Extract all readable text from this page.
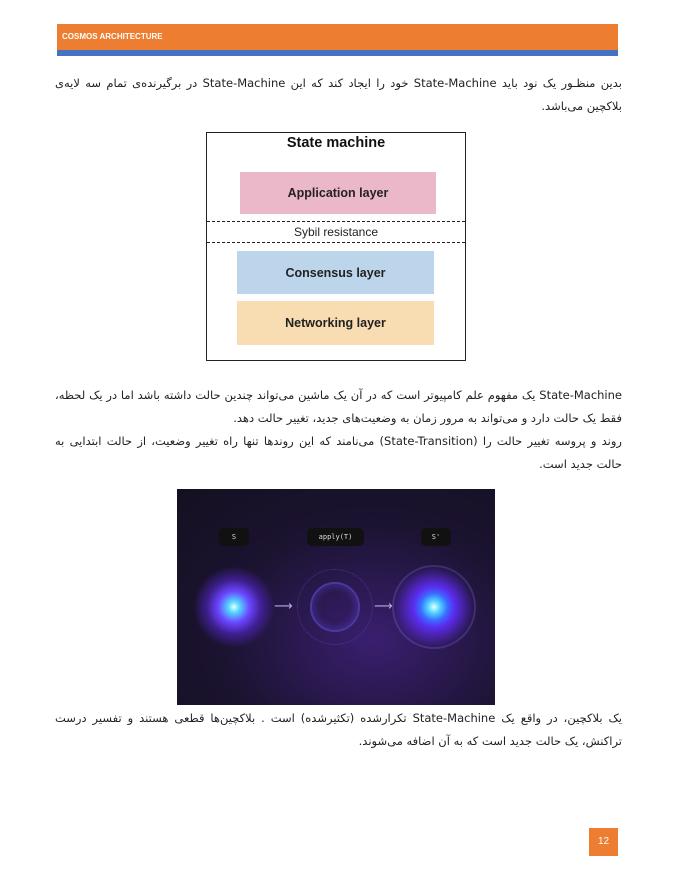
COSMOS ARCHITECTURE
بدین منظـور یک نود باید State-Machine خود را ایجاد کند که این State-Machine در برگیرنده‌ی تمام سه لایه‌ی بلاکچین می‌باشد.
State machine
Application layer
Sybil resistance
Consensus layer
Networking layer
State-Machine یک مفهوم علم کامپیوتر است که در آن یک ماشین می‌تواند چندین حالت داشته باشد اما در یک لحظه، فقط یک حالت دارد و می‌تواند به مرور زمان به وضعیت‌های جدید، تغییر حالت دهد.
روند و پروسه تغییر حالت را (State-Transition) می‌نامند که این روندها تنها راه تغییر وضعیت، از حالت ابتدایی به حالت جدید است.
S	apply(T)	S'
⟶	⟶
یک بلاکچین، در واقع یک State-Machine تکرارشده (تکثیرشده) است . بلاکچین‌ها قطعی هستند و تفسیر درست تراکنش، یک حالت جدید است که به آن اضافه می‌شوند.
12
